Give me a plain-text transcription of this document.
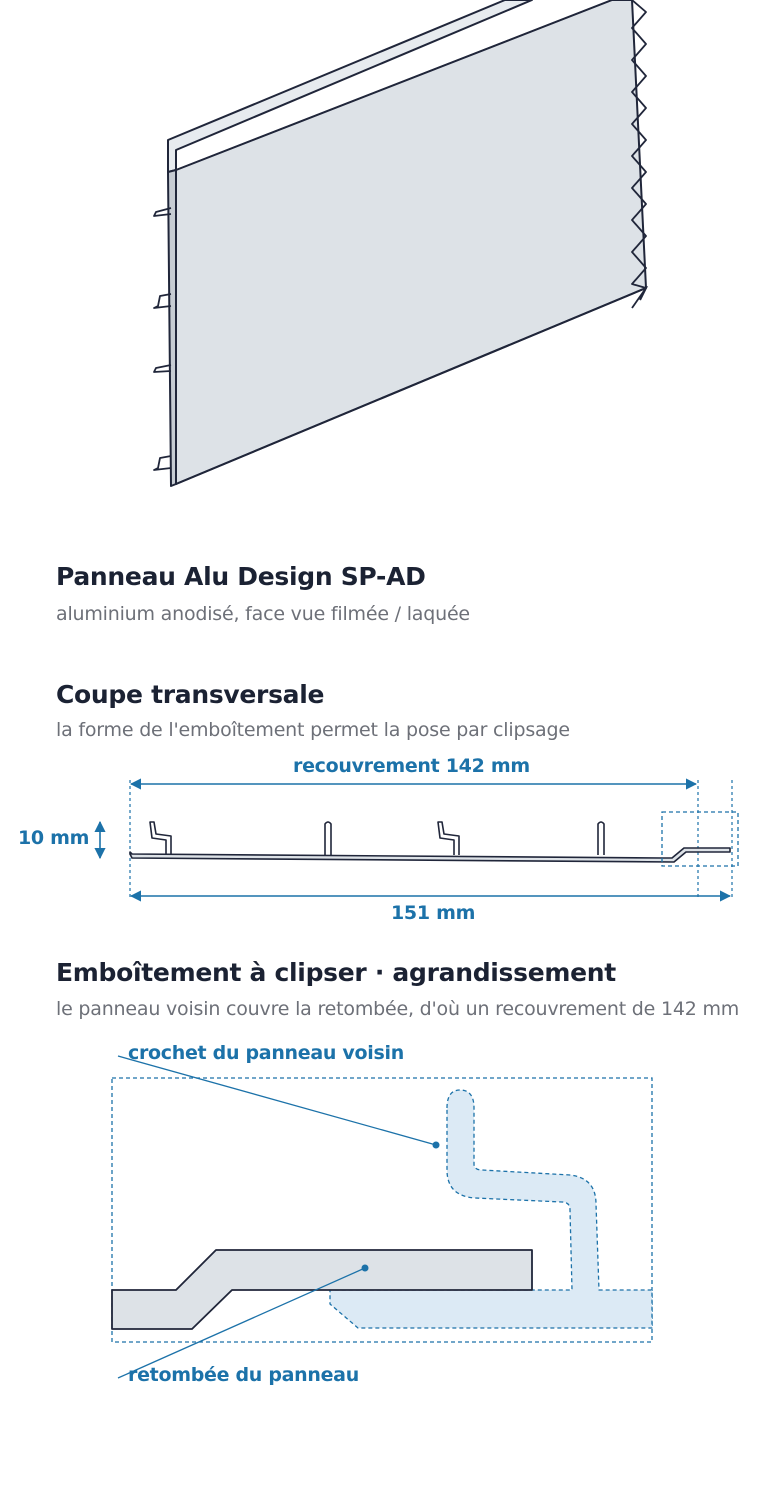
Panneau Alu Design SP-AD
aluminium anodisé, face vue filmée / laquée
Coupe transversale
la forme de l'emboîtement permet la pose par clipsage
recouvrement 142 mm
151 mm
10 mm
Emboîtement à clipser · agrandissement
le panneau voisin couvre la retombée, d'où un recouvrement de 142 mm
crochet du panneau voisin
retombée du panneau
